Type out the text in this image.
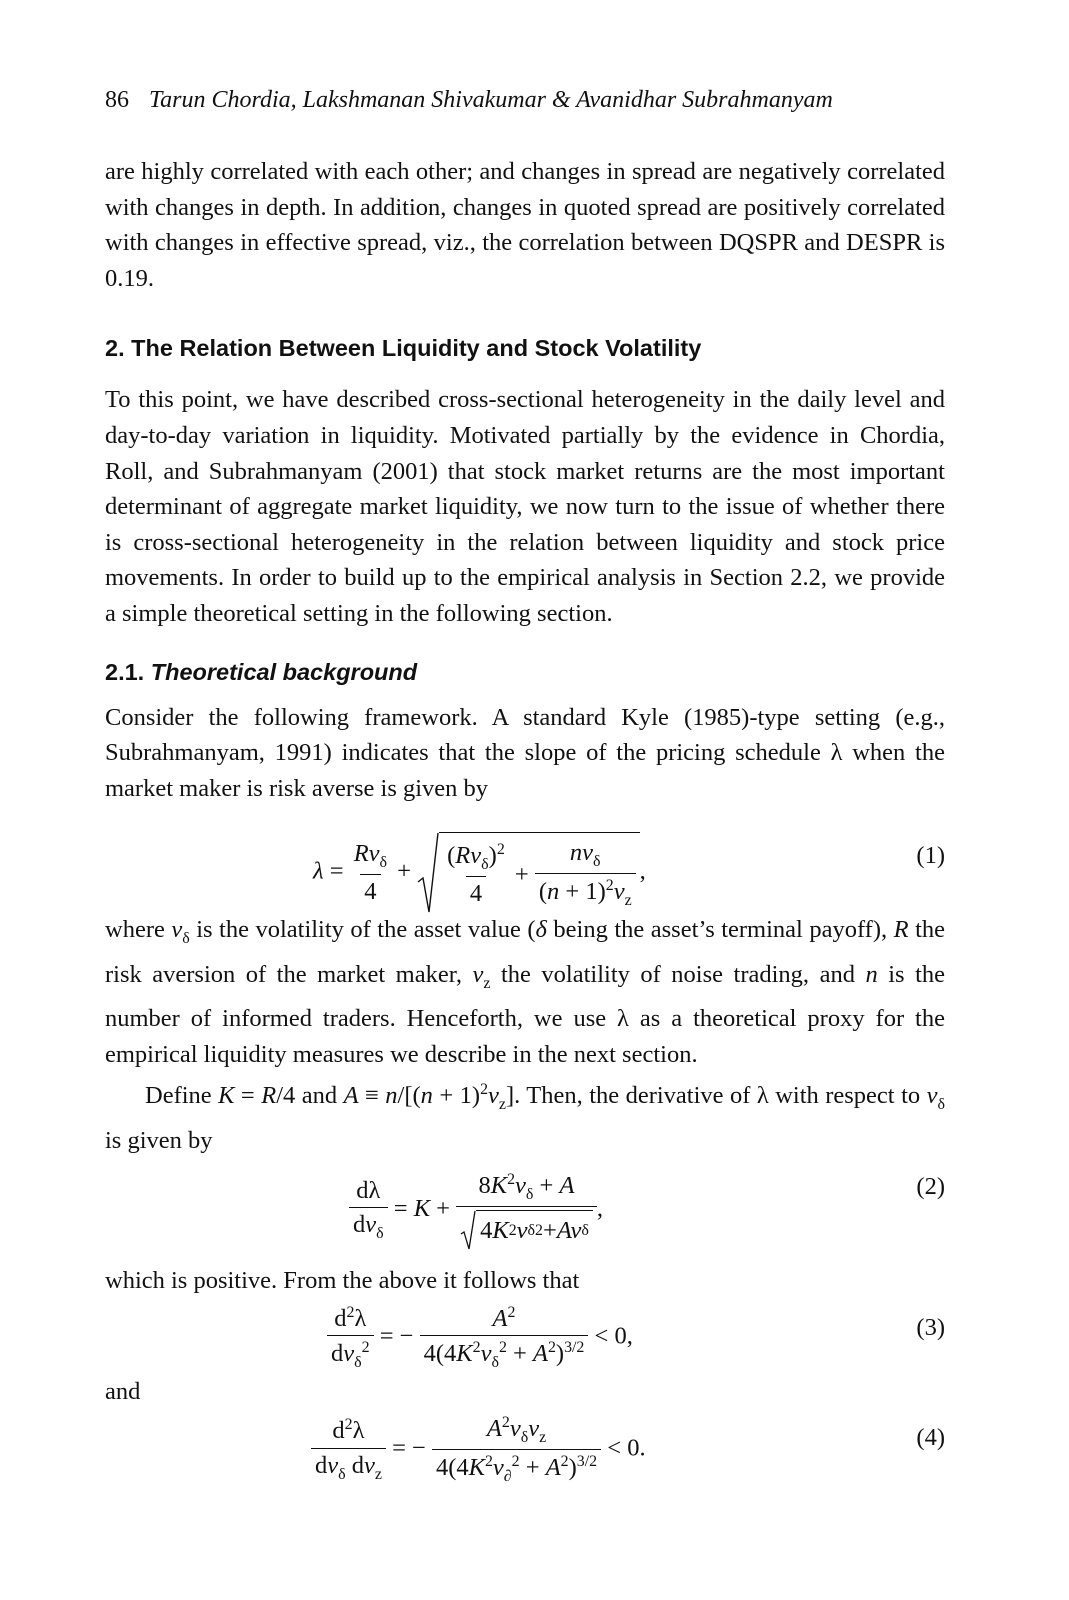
86 Tarun Chordia, Lakshmanan Shivakumar & Avanidhar Subrahmanyam

are highly correlated with each other; and changes in spread are negatively correlated with changes in depth. In addition, changes in quoted spread are positively correlated with changes in effective spread, viz., the correlation between DQSPR and DESPR is 0.19.

2. The Relation Between Liquidity and Stock Volatility

To this point, we have described cross-sectional heterogeneity in the daily level and day-to-day variation in liquidity. Motivated partially by the evidence in Chordia, Roll, and Subrahmanyam (2001) that stock market returns are the most important determinant of aggregate market liquidity, we now turn to the issue of whether there is cross-sectional heterogeneity in the relation between liquidity and stock price movements. In order to build up to the empirical analysis in Section 2.2, we provide a simple theoretical setting in the following section.

2.1. Theoretical background

Consider the following framework. A standard Kyle (1985)-type setting (e.g., Subrahmanyam, 1991) indicates that the slope of the pricing schedule λ when the market maker is risk averse is given by

$\lambda = \frac{Rv_\delta}{4} + \frac{(Rv_\delta)^2}{4} + \frac{nv_\delta}{(n + 1)^2v_z}$ ,
(1)

where $v_\delta$ is the volatility of the asset value (δ being the asset’s terminal payoff), R the risk aversion of the market maker, $v_z$ the volatility of noise trading, and n is the number of informed traders. Henceforth, we use λ as a theoretical proxy for the empirical liquidity measures we describe in the next section.

Define K = R/4 and $A \equiv n/[(n + 1)^2v_z]$. Then, the derivative of λ with respect to $v_\delta$ is given by

$\frac{d\lambda}{dv_\delta} = K + \frac{8K^2v_\delta + A}{\text{4 K 2 v δ 2 + Av δ}}$ ,
(2)

which is positive. From the above it follows that

$\frac{d^2\lambda}{dv_\delta^2}$ = − $\frac{A^2}{4(4K^2v_\delta^2 + A^2)^{3/2}} < 0$,	(3)

and

$\frac{d^2\lambda}{dv_\delta dv_z}$ = − $\frac{A^2v_\delta v_z}{4(4K^2v_\partial^2 + A^2)^{3/2}} < 0$.	(4)
